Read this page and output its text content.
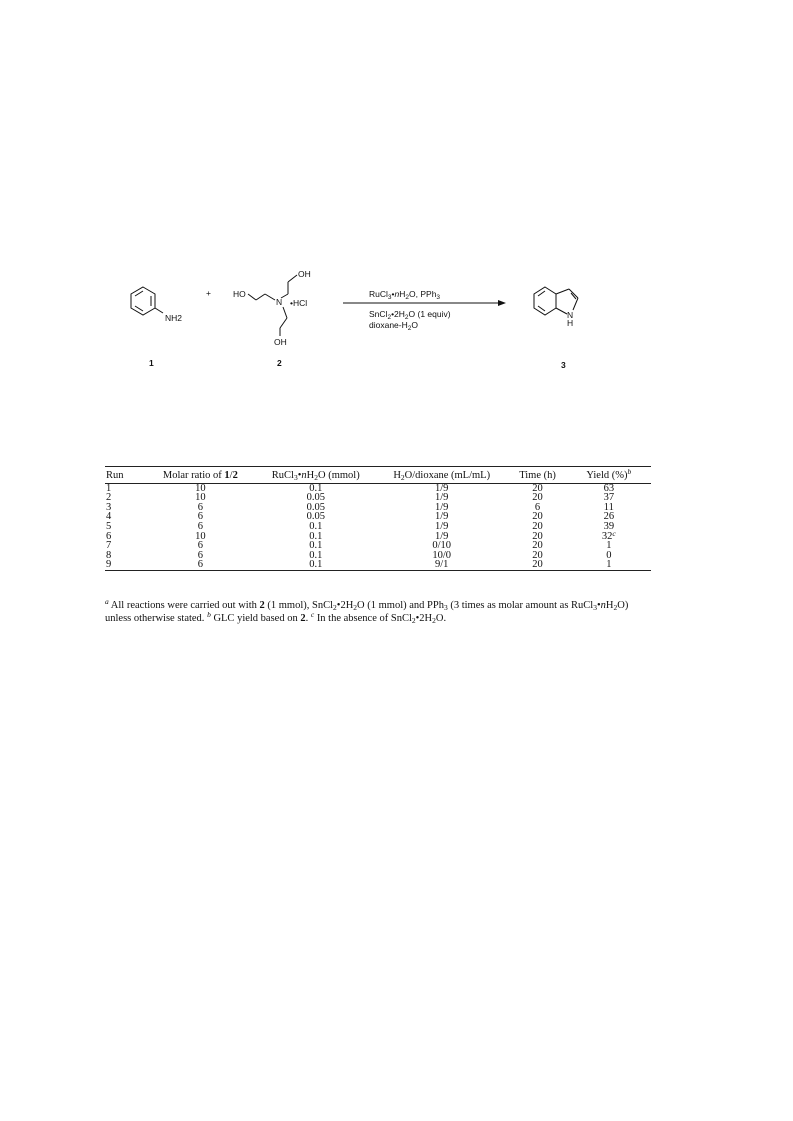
NH2
+
OH
HO
N •HCl
OH
N
H
$RuCl_3•nH_2O$, PPh$_3$
$SnCl_2•2H_2O$ (1 equiv)
dioxane-$H_2O$
1	2	3
Run	Molar ratio of 1/2	$RuCl_3•nH_2O$ (mmol)	$H_2O$/dioxane (mL/mL)	Time (h)	Yield (%)$^b$
1	10	0.1	1/9	20	63
2	10	0.05	1/9	20	37
3	6	0.05	1/9	6	11
4	6	0.05	1/9	20	26
5	6	0.1	1/9	20	39
6	10	0.1	1/9	20	32$^c$
7	6	0.1	0/10	20	1
8	6	0.1	10/0	20	0
9	6	0.1	9/1	20	1
$^a$ All reactions were carried out with 2 (1 mmol), $SnCl_2•2H_2O$ (1 mmol) and PPh$_3$ (3 times as molar amount as $RuCl_3•nH_2O$) unless otherwise stated. $^b$ GLC yield based on 2. $^c$ In the absence of $SnCl_2•2H_2O$.
